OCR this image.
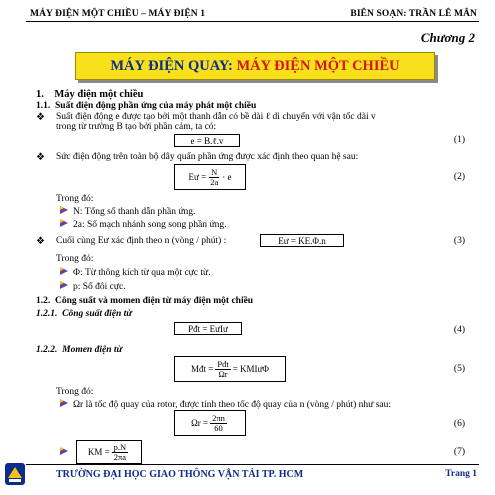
MÁY ĐIỆN MỘT CHIỀU – MÁY ĐIỆN 1	BIÊN SOẠN: TRẦN LÊ MÂN
Chương 2
MÁY ĐIỆN QUAY: MÁY ĐIỆN MỘT CHIỀU
1. Máy điện một chiều
1.1. Suất điện động phần ứng của máy phát một chiều
❖ Suất điện động e được tạo bởi một thanh dẫn có bề dài ℓ di chuyển với vận tốc dài v
trong từ trường B tạo bởi phần cảm, ta có:
e = B.ℓ.v	(1)
❖ Sức điện động trên toàn bộ dây quấn phần ứng được xác định theo quan hệ sau:
Eư = $\frac{N}{2a} \cdot e$	(2)
Trong đó:
N: Tổng số thanh dẫn phần ứng.
2a: Số mạch nhánh song song phần ứng.
❖ Cuối cùng Eư xác định theo n (vòng / phút) :	Eư = KE.Φ.n	(3)
Trong đó:
Φ: Từ thông kích từ qua một cực từ.
p: Số đôi cực.
1.2. Công suất và momen điện từ máy điện một chiều
1.2.1. Công suất điện từ
Pđt = EưIư	(4)
1.2.2. Momen điện từ
Mđt = $\frac{\text{Pđt}}{\Omega r}$ = KMIưΦ	(5)
Trong đó:
Ωr là tốc độ quay của rotor, được tính theo tốc độ quay của n (vòng / phút) như sau:
$\Omega r = \frac{2\pi n}{60}$	(6)
KM = $\frac{p.N}{2\pi a}$	(7)
TRƯỜNG ĐẠI HỌC GIAO THÔNG VẬN TẢI TP. HCM	Trang 1
